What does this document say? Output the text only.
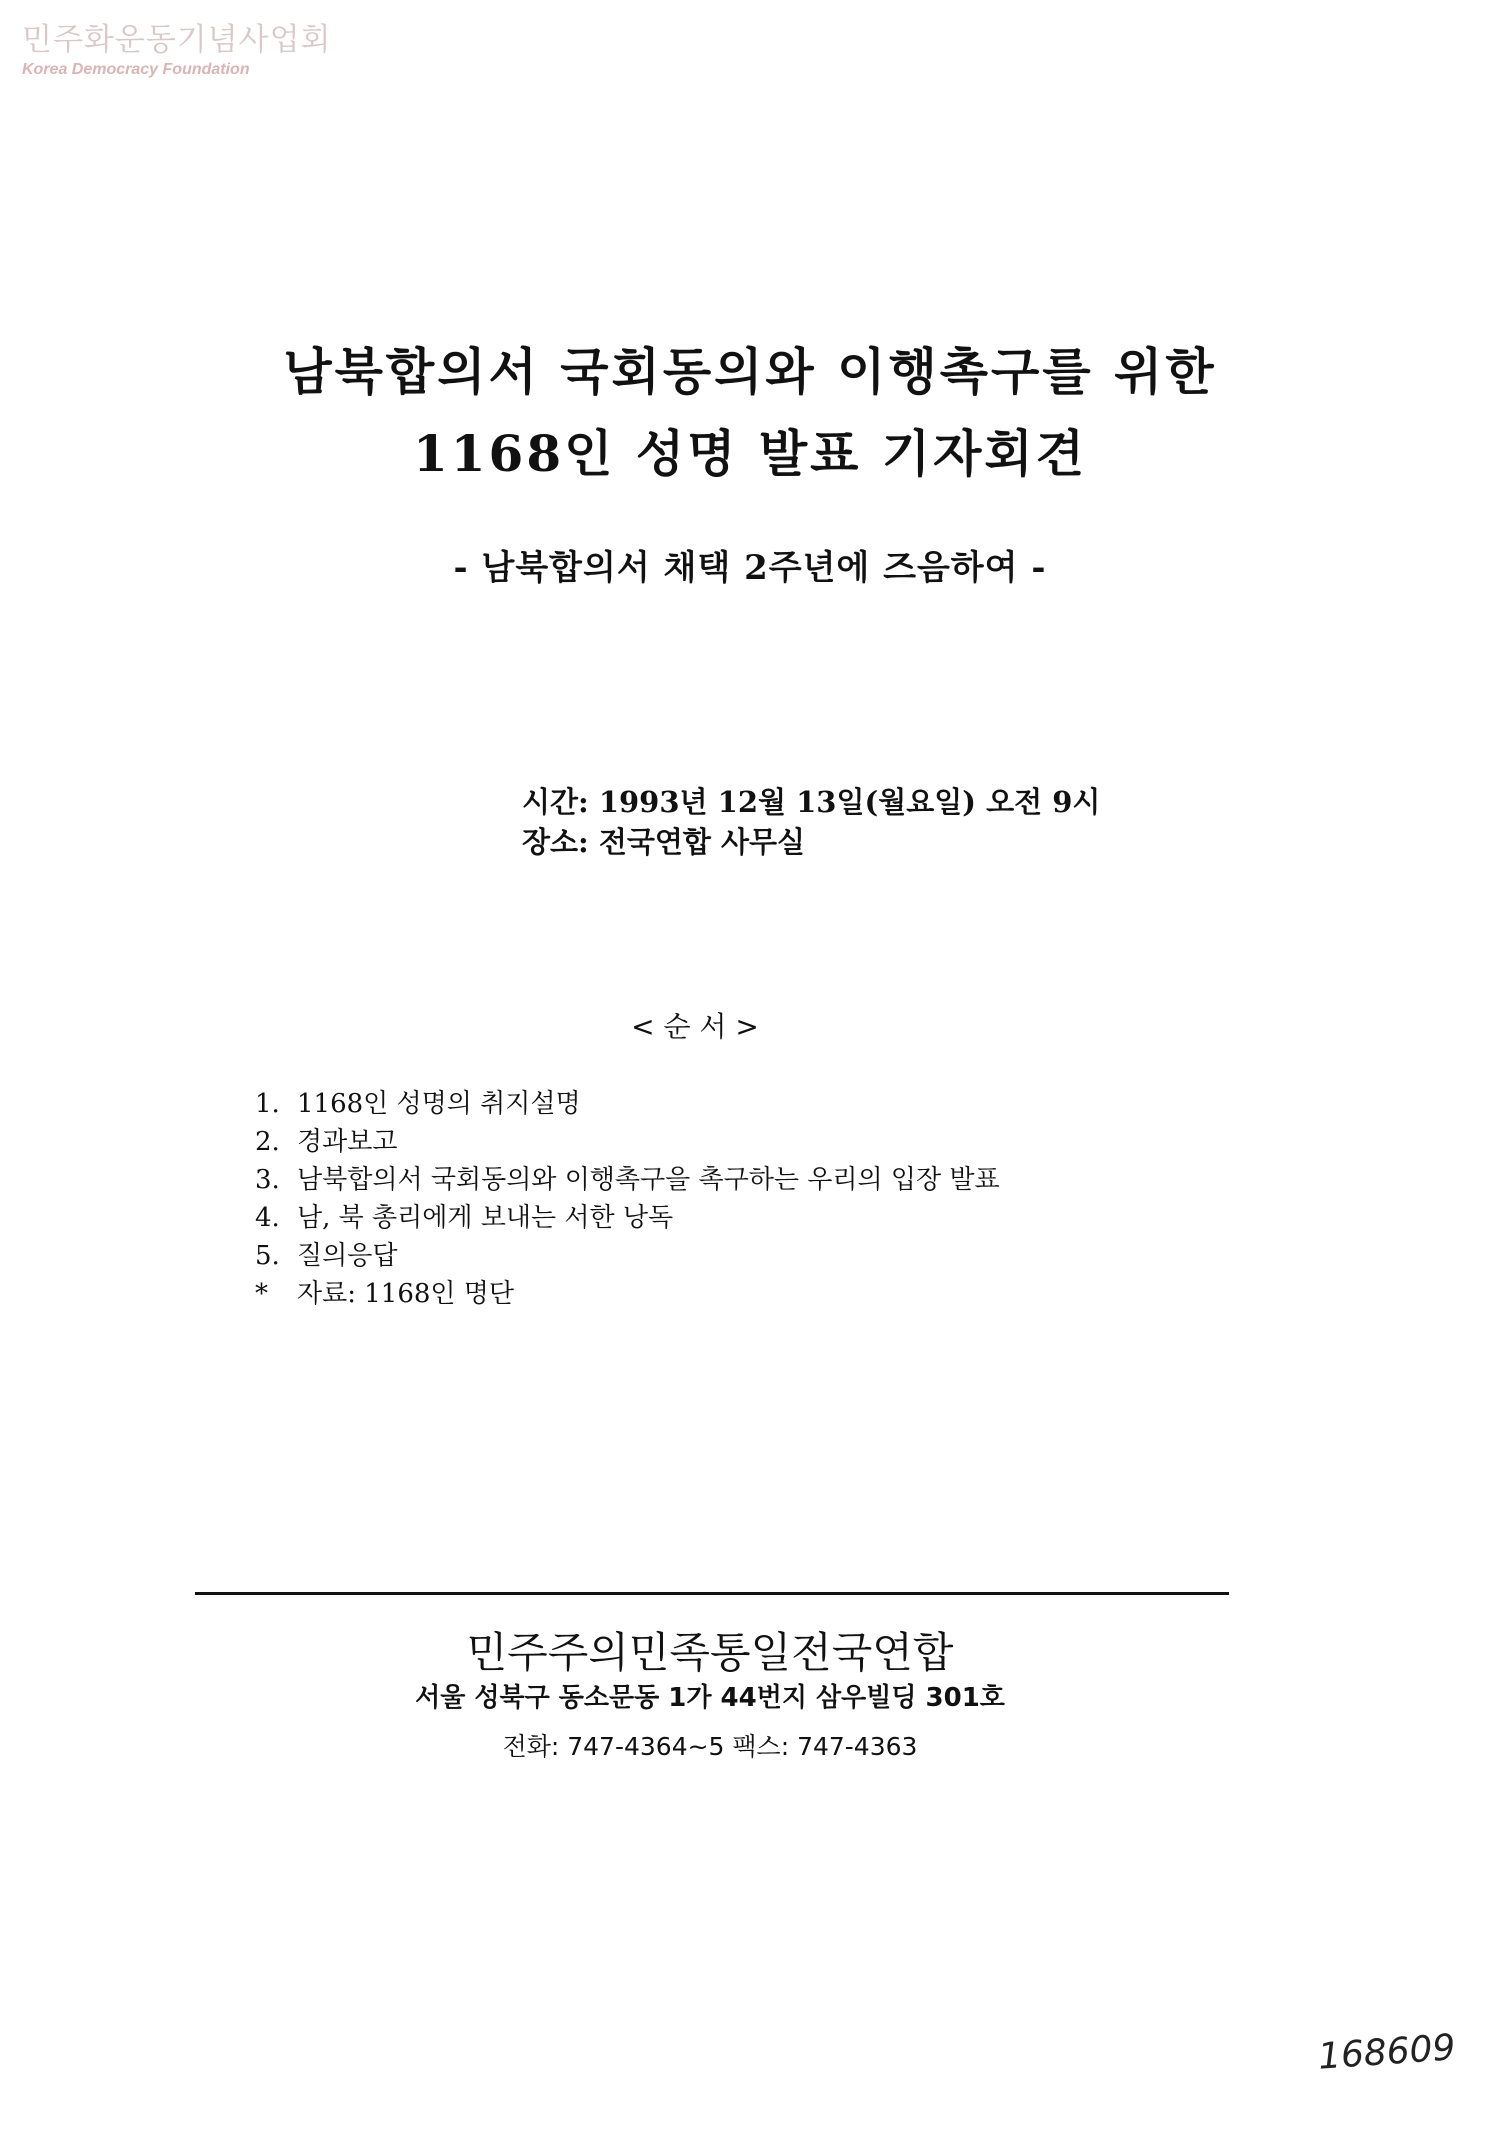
민주화운동기념사업회
Korea Democracy Foundation
남북합의서 국회동의와 이행촉구를 위한
1168인 성명 발표 기자회견
- 남북합의서 채택 2주년에 즈음하여 -
시간: 1993년 12월 13일(월요일) 오전 9시
장소: 전국연합 사무실
< 순 서 >
1. 1168인 성명의 취지설명
2. 경과보고
3. 남북합의서 국회동의와 이행촉구을 촉구하는 우리의 입장 발표
4. 남, 북 총리에게 보내는 서한 낭독
5. 질의응답
* 자료: 1168인 명단
민주주의민족통일전국연합
서울 성북구 동소문동 1가 44번지 삼우빌딩 301호
전화: 747-4364~5 팩스: 747-4363
168609
